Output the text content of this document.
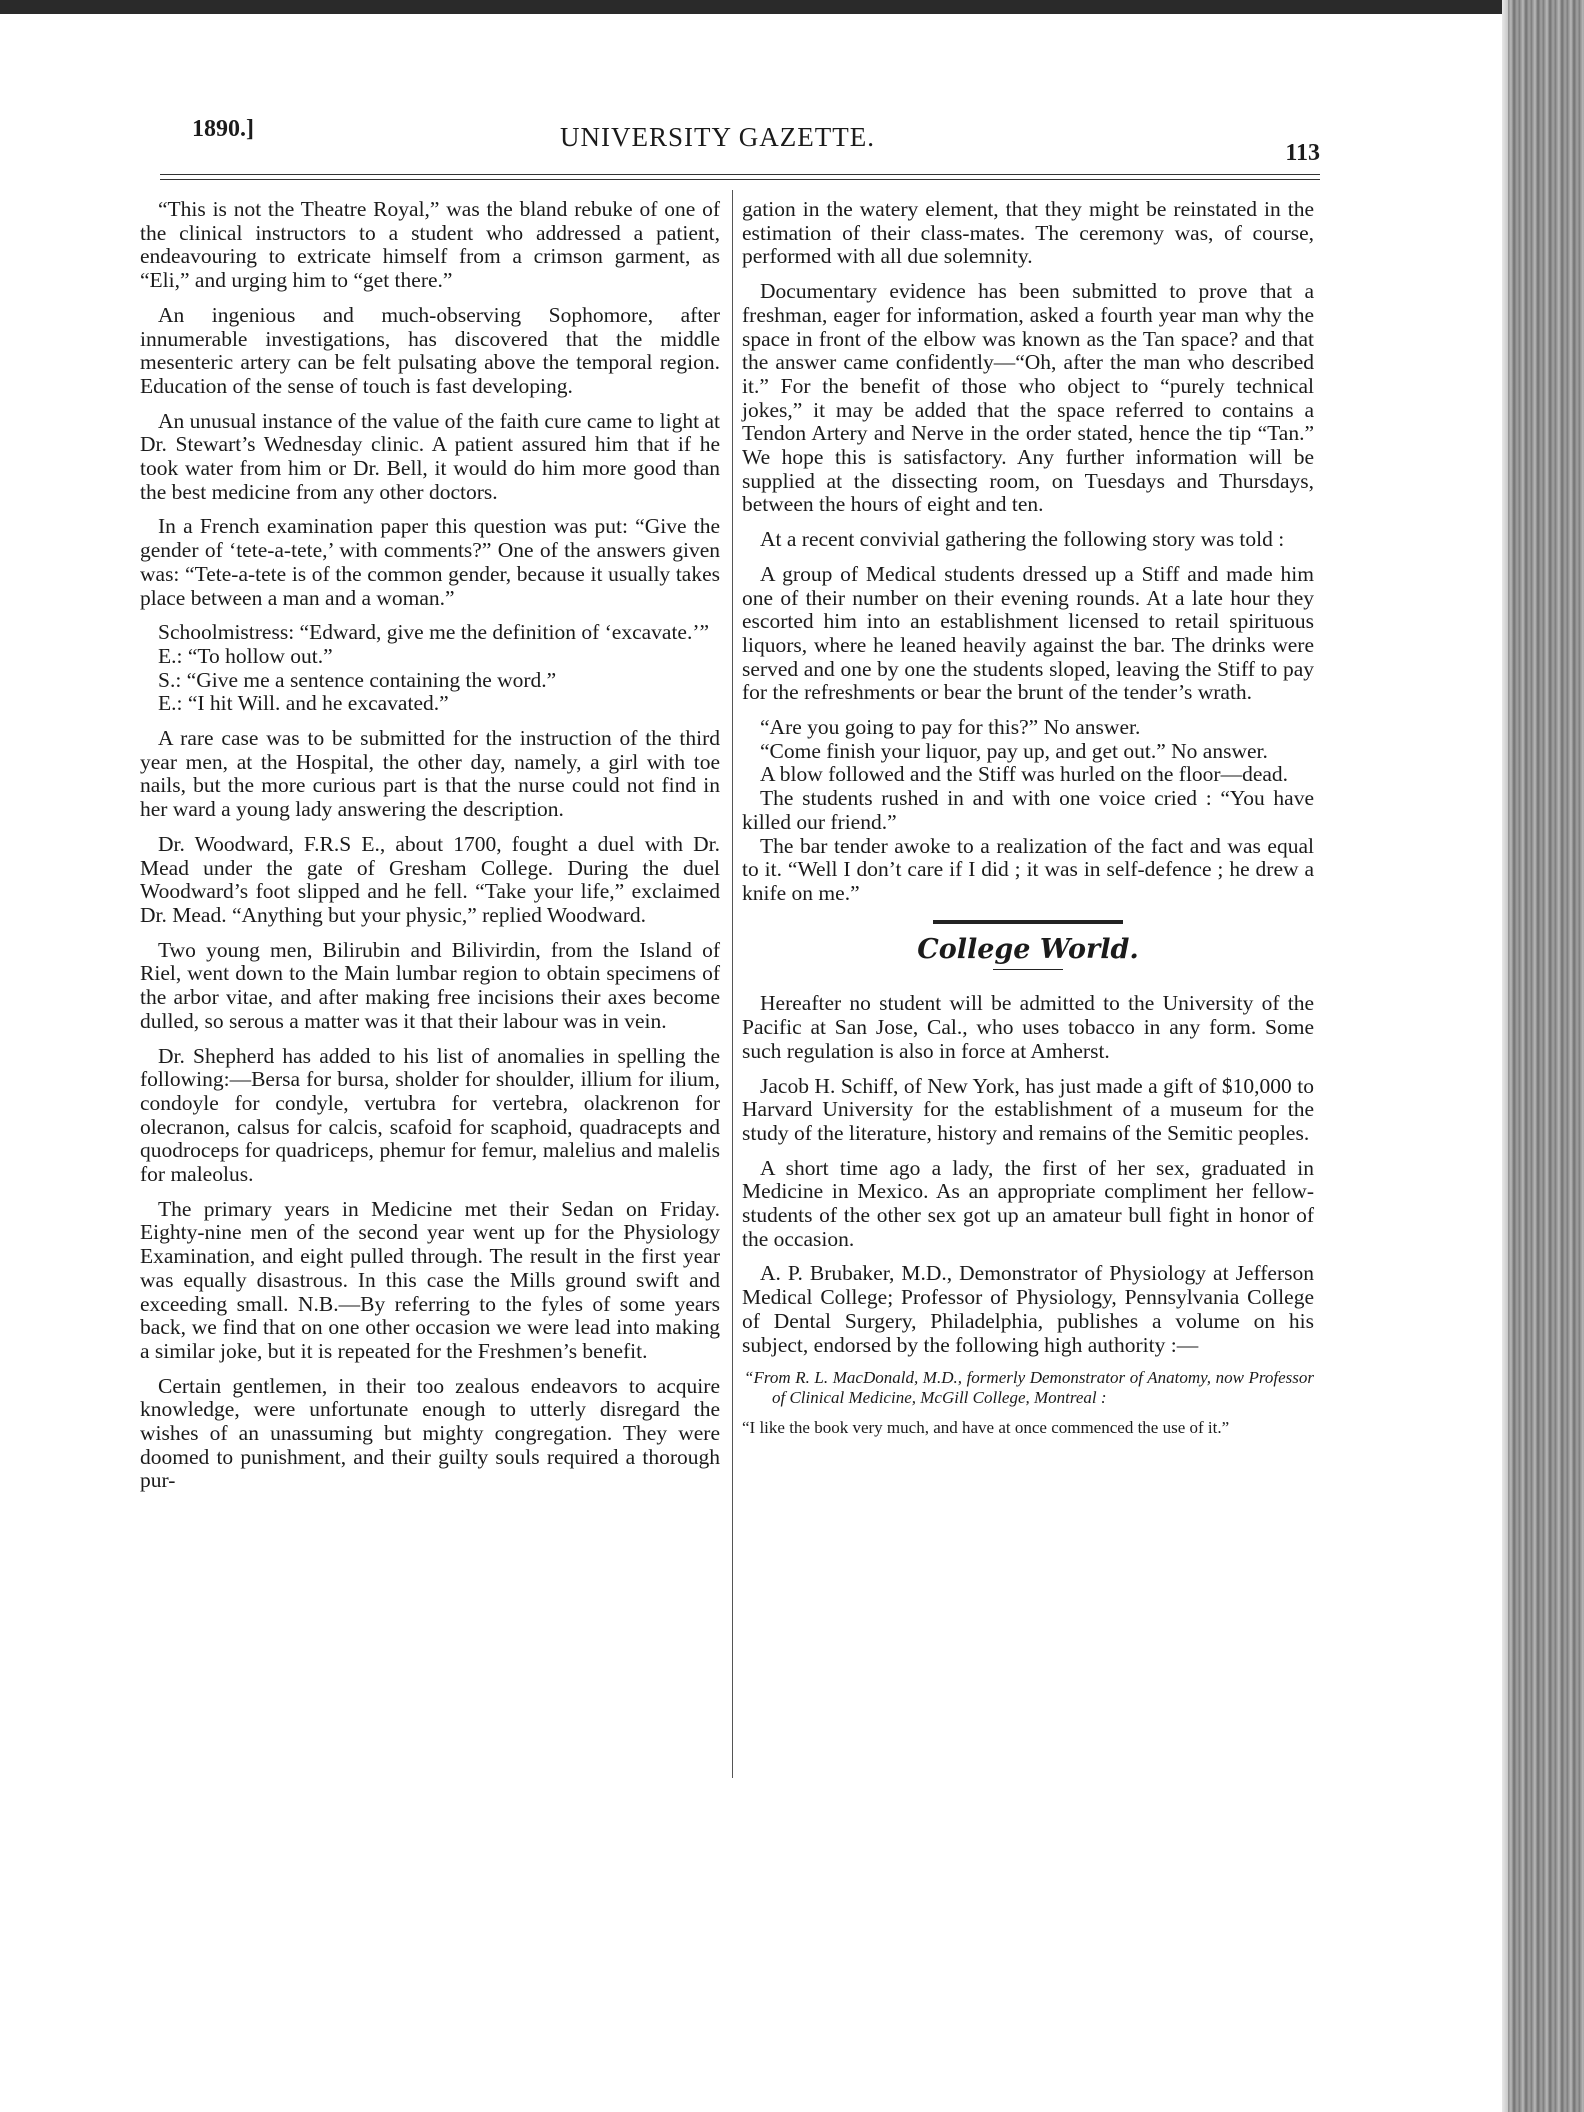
1890.]	UNIVERSITY GAZETTE.
113

“This is not the Theatre Royal,” was the bland rebuke of one of the clinical instructors to a student who addressed a patient, endeavouring to extricate himself from a crimson garment, as “Eli,” and urging him to “get there.”

An ingenious and much-observing Sophomore, after innumerable investigations, has discovered that the middle mesenteric artery can be felt pulsating above the temporal region. Education of the sense of touch is fast developing.

An unusual instance of the value of the faith cure came to light at Dr. Stewart’s Wednesday clinic. A patient assured him that if he took water from him or Dr. Bell, it would do him more good than the best medicine from any other doctors.

In a French examination paper this question was put: “Give the gender of ‘tete-a-tete,’ with comments?” One of the answers given was: “Tete-a-tete is of the common gender, because it usually takes place between a man and a woman.”

Schoolmistress: “Edward, give me the definition of ‘excavate.’”

E.: “To hollow out.”

S.: “Give me a sentence containing the word.”

E.: “I hit Will. and he excavated.”

A rare case was to be submitted for the instruction of the third year men, at the Hospital, the other day, namely, a girl with toe nails, but the more curious part is that the nurse could not find in her ward a young lady answering the description.

Dr. Woodward, F.R.S E., about 1700, fought a duel with Dr. Mead under the gate of Gresham College. During the duel Woodward’s foot slipped and he fell. “Take your life,” exclaimed Dr. Mead. “Anything but your physic,” replied Woodward.

Two young men, Bilirubin and Bilivirdin, from the Island of Riel, went down to the Main lumbar region to obtain specimens of the arbor vitae, and after making free incisions their axes become dulled, so serous a matter was it that their labour was in vein.

Dr. Shepherd has added to his list of anomalies in spelling the following:—Bersa for bursa, sholder for shoulder, illium for ilium, condoyle for condyle, vertubra for vertebra, olackrenon for olecranon, calsus for calcis, scafoid for scaphoid, quadracepts and quodroceps for quadriceps, phemur for femur, malelius and malelis for maleolus.

The primary years in Medicine met their Sedan on Friday. Eighty-nine men of the second year went up for the Physiology Examination, and eight pulled through. The result in the first year was equally disastrous. In this case the Mills ground swift and exceeding small. N.B.—By referring to the fyles of some years back, we find that on one other occasion we were lead into making a similar joke, but it is repeated for the Freshmen’s benefit.

Certain gentlemen, in their too zealous endeavors to acquire knowledge, were unfortunate enough to utterly disregard the wishes of an unassuming but mighty congregation. They were doomed to punishment, and their guilty souls required a thorough pur-

gation in the watery element, that they might be reinstated in the estimation of their class-mates. The ceremony was, of course, performed with all due solemnity.

Documentary evidence has been submitted to prove that a freshman, eager for information, asked a fourth year man why the space in front of the elbow was known as the Tan space? and that the answer came confidently—“Oh, after the man who described it.” For the benefit of those who object to “purely technical jokes,” it may be added that the space referred to contains a Tendon Artery and Nerve in the order stated, hence the tip “Tan.” We hope this is satisfactory. Any further information will be supplied at the dissecting room, on Tuesdays and Thursdays, between the hours of eight and ten.

At a recent convivial gathering the following story was told :

A group of Medical students dressed up a Stiff and made him one of their number on their evening rounds. At a late hour they escorted him into an establishment licensed to retail spirituous liquors, where he leaned heavily against the bar. The drinks were served and one by one the students sloped, leaving the Stiff to pay for the refreshments or bear the brunt of the tender’s wrath.

“Are you going to pay for this?” No answer.

“Come finish your liquor, pay up, and get out.” No answer.

A blow followed and the Stiff was hurled on the floor—dead.

The students rushed in and with one voice cried : “You have killed our friend.”

The bar tender awoke to a realization of the fact and was equal to it. “Well I don’t care if I did ; it was in self-defence ; he drew a knife on me.”

College World.

Hereafter no student will be admitted to the University of the Pacific at San Jose, Cal., who uses tobacco in any form. Some such regulation is also in force at Amherst.

Jacob H. Schiff, of New York, has just made a gift of $10,000 to Harvard University for the establishment of a museum for the study of the literature, history and remains of the Semitic peoples.

A short time ago a lady, the first of her sex, graduated in Medicine in Mexico. As an appropriate compliment her fellow-students of the other sex got up an amateur bull fight in honor of the occasion.

A. P. Brubaker, M.D., Demonstrator of Physiology at Jefferson Medical College; Professor of Physiology, Pennsylvania College of Dental Surgery, Philadelphia, publishes a volume on his subject, endorsed by the following high authority :—

“From R. L. MacDonald, M.D., formerly Demonstrator of Anatomy, now Professor of Clinical Medicine, McGill College, Montreal :

“I like the book very much, and have at once commenced the use of it.”
